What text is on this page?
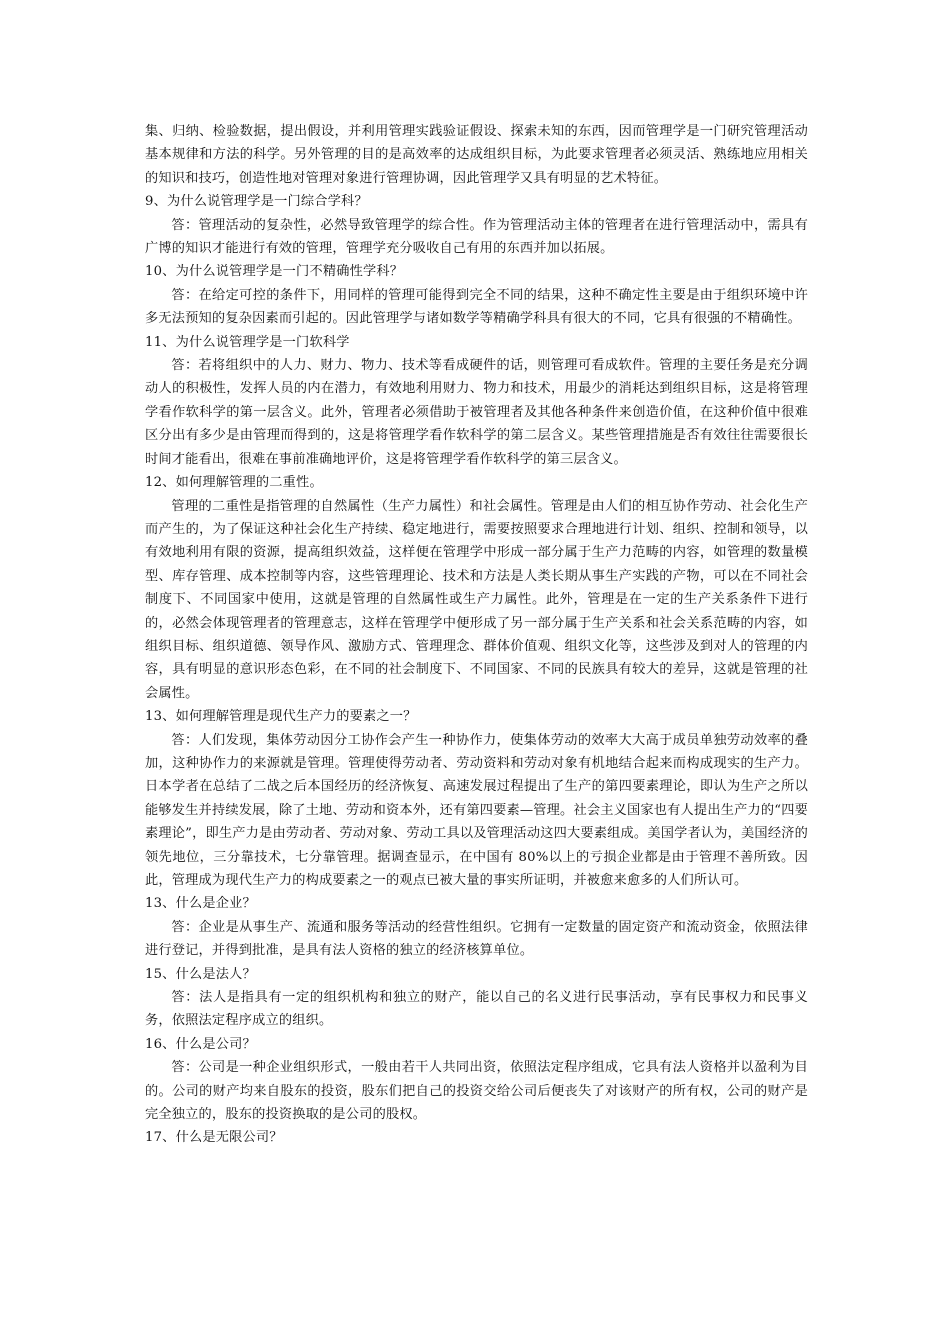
集、归纳、检验数据，提出假设，并利用管理实践验证假设、探索未知的东西，因而管理学是一门研究管理活动基本规律和方法的科学。另外管理的目的是高效率的达成组织目标，为此要求管理者必须灵活、熟练地应用相关的知识和技巧，创造性地对管理对象进行管理协调，因此管理学又具有明显的艺术特征。

9、为什么说管理学是一门综合学科？

答：管理活动的复杂性，必然导致管理学的综合性。作为管理活动主体的管理者在进行管理活动中，需具有广博的知识才能进行有效的管理，管理学充分吸收自己有用的东西并加以拓展。

10、为什么说管理学是一门不精确性学科？

答：在给定可控的条件下，用同样的管理可能得到完全不同的结果，这种不确定性主要是由于组织环境中许多无法预知的复杂因素而引起的。因此管理学与诸如数学等精确学科具有很大的不同，它具有很强的不精确性。

11、为什么说管理学是一门软科学

答：若将组织中的人力、财力、物力、技术等看成硬件的话，则管理可看成软件。管理的主要任务是充分调动人的积极性，发挥人员的内在潜力，有效地利用财力、物力和技术，用最少的消耗达到组织目标，这是将管理学看作软科学的第一层含义。此外，管理者必须借助于被管理者及其他各种条件来创造价值，在这种价值中很难区分出有多少是由管理而得到的，这是将管理学看作软科学的第二层含义。某些管理措施是否有效往往需要很长时间才能看出，很难在事前准确地评价，这是将管理学看作软科学的第三层含义。

12、如何理解管理的二重性。

管理的二重性是指管理的自然属性（生产力属性）和社会属性。管理是由人们的相互协作劳动、社会化生产而产生的，为了保证这种社会化生产持续、稳定地进行，需要按照要求合理地进行计划、组织、控制和领导，以有效地利用有限的资源，提高组织效益，这样便在管理学中形成一部分属于生产力范畴的内容，如管理的数量模型、库存管理、成本控制等内容，这些管理理论、技术和方法是人类长期从事生产实践的产物，可以在不同社会制度下、不同国家中使用，这就是管理的自然属性或生产力属性。此外，管理是在一定的生产关系条件下进行的，必然会体现管理者的管理意志，这样在管理学中便形成了另一部分属于生产关系和社会关系范畴的内容，如组织目标、组织道德、领导作风、激励方式、管理理念、群体价值观、组织文化等，这些涉及到对人的管理的内容，具有明显的意识形态色彩，在不同的社会制度下、不同国家、不同的民族具有较大的差异，这就是管理的社会属性。

13、如何理解管理是现代生产力的要素之一？

答：人们发现，集体劳动因分工协作会产生一种协作力，使集体劳动的效率大大高于成员单独劳动效率的叠加，这种协作力的来源就是管理。管理使得劳动者、劳动资料和劳动对象有机地结合起来而构成现实的生产力。日本学者在总结了二战之后本国经历的经济恢复、高速发展过程提出了生产的第四要素理论，即认为生产之所以能够发生并持续发展，除了土地、劳动和资本外，还有第四要素—管理。社会主义国家也有人提出生产力的“四要素理论”，即生产力是由劳动者、劳动对象、劳动工具以及管理活动这四大要素组成。美国学者认为，美国经济的领先地位，三分靠技术，七分靠管理。据调查显示，在中国有 80%以上的亏损企业都是由于管理不善所致。因此，管理成为现代生产力的构成要素之一的观点已被大量的事实所证明，并被愈来愈多的人们所认可。

13、什么是企业？

答：企业是从事生产、流通和服务等活动的经营性组织。它拥有一定数量的固定资产和流动资金，依照法律进行登记，并得到批准，是具有法人资格的独立的经济核算单位。

15、什么是法人？

答：法人是指具有一定的组织机构和独立的财产，能以自己的名义进行民事活动，享有民事权力和民事义务，依照法定程序成立的组织。

16、什么是公司？

答：公司是一种企业组织形式，一般由若干人共同出资，依照法定程序组成，它具有法人资格并以盈利为目的。公司的财产均来自股东的投资，股东们把自己的投资交给公司后便丧失了对该财产的所有权，公司的财产是完全独立的，股东的投资换取的是公司的股权。

17、什么是无限公司？
